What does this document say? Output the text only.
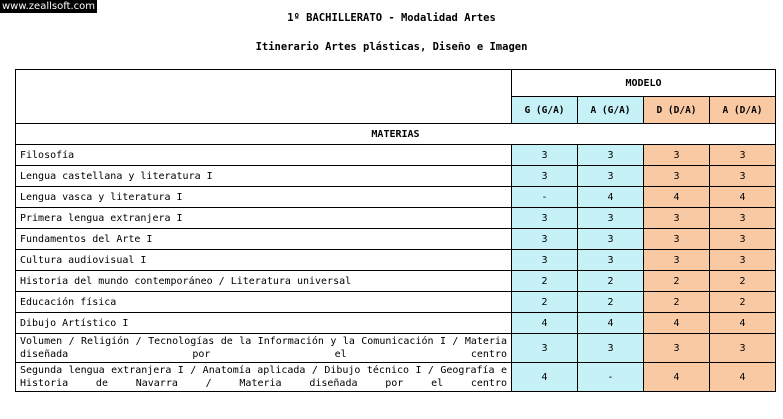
www.zeallsoft.com
1º BACHILLERATO - Modalidad Artes
Itinerario Artes plásticas, Diseño e Imagen
	MODELO			
	G (G/A)	A (G/A)	D (D/A)	A (D/A)
MATERIAS				
Filosofía	3	3	3	3
Lengua castellana y literatura I	3	3	3	3
Lengua vasca y literatura I	-	4	4	4
Primera lengua extranjera I	3	3	3	3
Fundamentos del Arte I	3	3	3	3
Cultura audiovisual I	3	3	3	3
Historia del mundo contemporáneo / Literatura universal	2	2	2	2
Educación física	2	2	2	2
Dibujo Artístico I	4	4	4	4
Volumen / Religión / Tecnologías de la Información y la Comunicación I / Materia diseñada por el centro	3	3	3	3
Segunda lengua extranjera I / Anatomía aplicada / Dibujo técnico I / Geografía e Historia de Navarra / Materia diseñada por el centro	4	-	4	4
